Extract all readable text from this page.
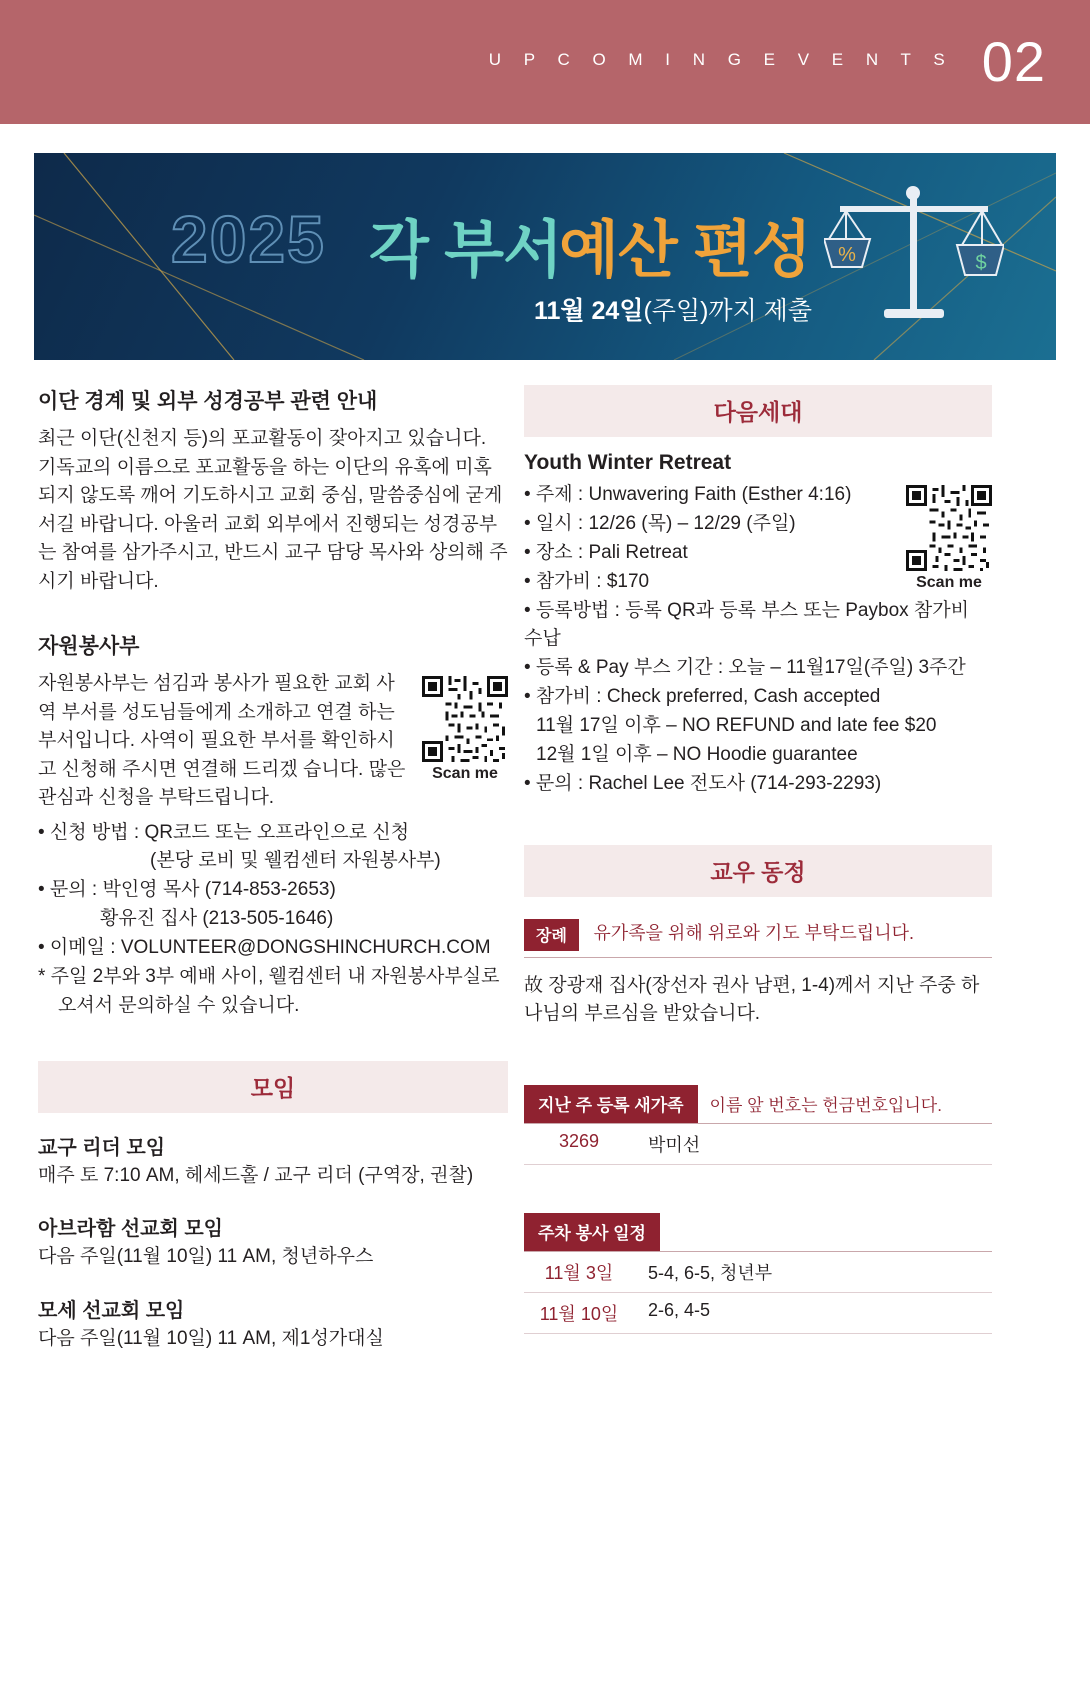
U P C O M I N G E V E N T S 02
2025 각 부서
예산 편성
11월 24일(주일)까지 제출
%	$
이단 경계 및 외부 성경공부 관련 안내

최근 이단(신천지 등)의 포교활동이 잦아지고 있습니다. 기독교의 이름으로 포교활동을 하는 이단의 유혹에 미혹되지 않도록 깨어 기도하시고 교회 중심, 말씀중심에 굳게 서길 바랍니다. 아울러 교회 외부에서 진행되는 성경공부는 참여를 삼가주시고, 반드시 교구 담당 목사와 상의해 주시기 바랍니다.

자원봉사부

자원봉사부는 섬김과 봉사가 필요한 교회 사역 부서를 성도님들에게 소개하고 연결 하는 부서입니다. 사역이 필요한 부서를 확인하시고 신청해 주시면 연결해 드리겠 습니다. 많은 관심과 신청을 부탁드립니다.

Scan me
• 신청 방법 : QR코드 또는 오프라인으로 신청
(본당 로비 및 웰컴센터 자원봉사부)
• 문의 : 박인영 목사 (714-853-2653)
황유진 집사 (213-505-1646)
• 이메일 : VOLUNTEER@DONGSHINCHURCH.COM
* 주일 2부와 3부 예배 사이, 웰컴센터 내 자원봉사부실로
오셔서 문의하실 수 있습니다.
모임
교구 리더 모임
매주 토 7:10 AM, 헤세드홀 / 교구 리더 (구역장, 권찰)
아브라함 선교회 모임
다음 주일(11월 10일) 11 AM, 청년하우스
모세 선교회 모임
다음 주일(11월 10일) 11 AM, 제1성가대실
다음세대
Youth Winter Retreat
Scan me
• 주제 : Unwavering Faith (Esther 4:16)
• 일시 : 12/26 (목) – 12/29 (주일)
• 장소 : Pali Retreat
• 참가비 : $170
• 등록방법 : 등록 QR과 등록 부스 또는 Paybox 참가비 수납
• 등록 & Pay 부스 기간 : 오늘 – 11월17일(주일) 3주간
• 참가비 : Check preferred, Cash accepted
11월 17일 이후 – NO REFUND and late fee $20
12월 1일 이후 – NO Hoodie guarantee
• 문의 : Rachel Lee 전도사 (714-293-2293)
교우 동정
장례 유가족을 위해 위로와 기도 부탁드립니다.

故 장광재 집사(장선자 권사 남편, 1-4)께서 지난 주중 하나님의 부르심을 받았습니다.

지난 주 등록 새가족	이름 앞 번호는 헌금번호입니다.
3269	박미선
주차 봉사 일정
11월 3일	5-4, 6-5, 청년부
11월 10일	2-6, 4-5
